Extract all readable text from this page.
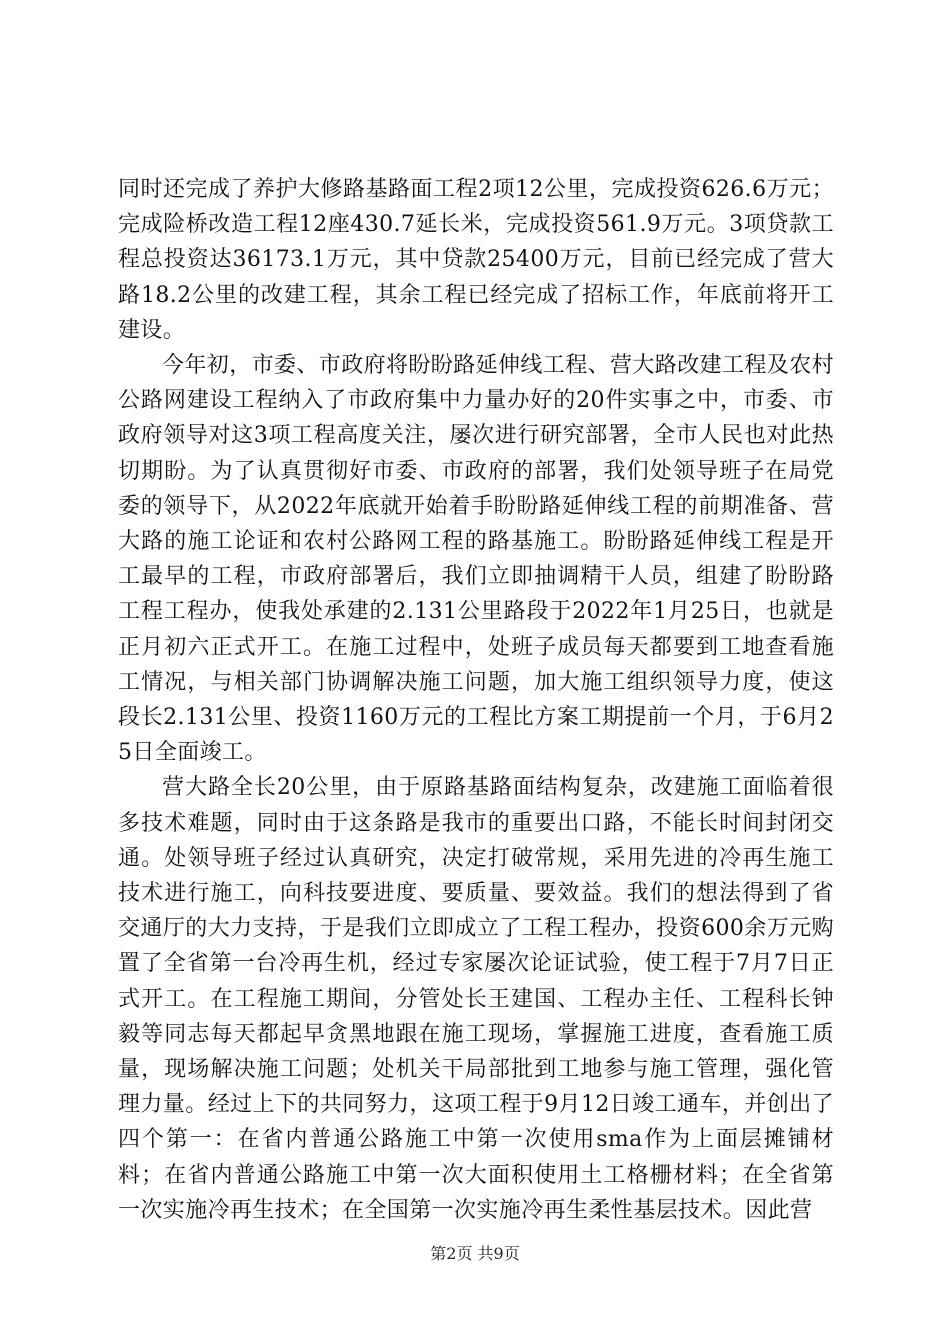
同时还完成了养护大修路基路面工程2项12公里，完成投资626.6万元；完成险桥改造工程12座430.7延长米，完成投资561.9万元。3项贷款工程总投资达36173.1万元，其中贷款25400万元，目前已经完成了营大路18.2公里的改建工程，其余工程已经完成了招标工作，年底前将开工建设。

今年初，市委、市政府将盼盼路延伸线工程、营大路改建工程及农村公路网建设工程纳入了市政府集中力量办好的20件实事之中，市委、市政府领导对这3项工程高度关注，屡次进行研究部署，全市人民也对此热切期盼。为了认真贯彻好市委、市政府的部署，我们处领导班子在局党委的领导下，从2022年底就开始着手盼盼路延伸线工程的前期准备、营大路的施工论证和农村公路网工程的路基施工。盼盼路延伸线工程是开工最早的工程，市政府部署后，我们立即抽调精干人员，组建了盼盼路工程工程办，使我处承建的2.131公里路段于2022年1月25日，也就是正月初六正式开工。在施工过程中，处班子成员每天都要到工地查看施工情况，与相关部门协调解决施工问题，加大施工组织领导力度，使这段长2.131公里、投资1160万元的工程比方案工期提前一个月，于6月25日全面竣工。

营大路全长20公里，由于原路基路面结构复杂，改建施工面临着很多技术难题，同时由于这条路是我市的重要出口路，不能长时间封闭交通。处领导班子经过认真研究，决定打破常规，采用先进的冷再生施工技术进行施工，向科技要进度、要质量、要效益。我们的想法得到了省交通厅的大力支持，于是我们立即成立了工程工程办，投资600余万元购置了全省第一台冷再生机，经过专家屡次论证试验，使工程于7月7日正式开工。在工程施工期间，分管处长王建国、工程办主任、工程科长钟毅等同志每天都起早贪黑地跟在施工现场，掌握施工进度，查看施工质量，现场解决施工问题；处机关干局部批到工地参与施工管理，强化管理力量。经过上下的共同努力，这项工程于9月12日竣工通车，并创出了四个第一：在省内普通公路施工中第一次使用sma作为上面层摊铺材料；在省内普通公路施工中第一次大面积使用土工格栅材料；在全省第一次实施冷再生技术；在全国第一次实施冷再生柔性基层技术。因此营

第2页 共9页
